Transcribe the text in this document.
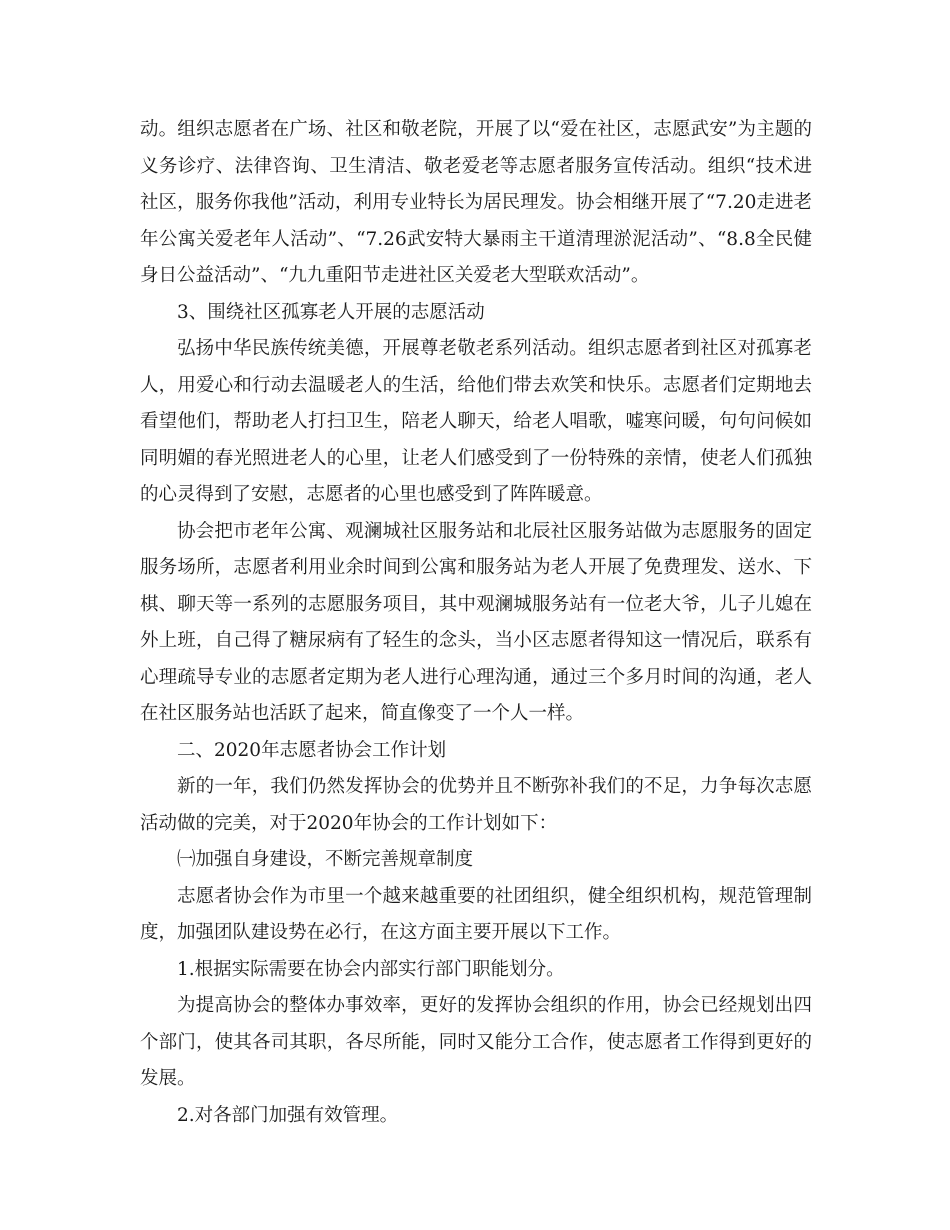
动。组织志愿者在广场、社区和敬老院，开展了以“爱在社区，志愿武安”为主题的义务诊疗、法律咨询、卫生清洁、敬老爱老等志愿者服务宣传活动。组织“技术进社区，服务你我他”活动，利用专业特长为居民理发。协会相继开展了“7.20走进老年公寓关爱老年人活动”、“7.26武安特大暴雨主干道清理淤泥活动”、“8.8全民健身日公益活动”、“九九重阳节走进社区关爱老大型联欢活动”。

3、围绕社区孤寡老人开展的志愿活动

弘扬中华民族传统美德，开展尊老敬老系列活动。组织志愿者到社区对孤寡老人，用爱心和行动去温暖老人的生活，给他们带去欢笑和快乐。志愿者们定期地去看望他们，帮助老人打扫卫生，陪老人聊天，给老人唱歌，嘘寒问暖，句句问候如同明媚的春光照进老人的心里，让老人们感受到了一份特殊的亲情，使老人们孤独的心灵得到了安慰，志愿者的心里也感受到了阵阵暖意。

协会把市老年公寓、观澜城社区服务站和北辰社区服务站做为志愿服务的固定服务场所，志愿者利用业余时间到公寓和服务站为老人开展了免费理发、送水、下棋、聊天等一系列的志愿服务项目，其中观澜城服务站有一位老大爷，儿子儿媳在外上班，自己得了糖尿病有了轻生的念头，当小区志愿者得知这一情况后，联系有心理疏导专业的志愿者定期为老人进行心理沟通，通过三个多月时间的沟通，老人在社区服务站也活跃了起来，简直像变了一个人一样。

二、2020年志愿者协会工作计划

新的一年，我们仍然发挥协会的优势并且不断弥补我们的不足，力争每次志愿活动做的完美，对于2020年协会的工作计划如下：

㈠加强自身建设，不断完善规章制度

志愿者协会作为市里一个越来越重要的社团组织，健全组织机构，规范管理制度，加强团队建设势在必行，在这方面主要开展以下工作。

1.根据实际需要在协会内部实行部门职能划分。

为提高协会的整体办事效率，更好的发挥协会组织的作用，协会已经规划出四个部门，使其各司其职，各尽所能，同时又能分工合作，使志愿者工作得到更好的发展。

2.对各部门加强有效管理。
